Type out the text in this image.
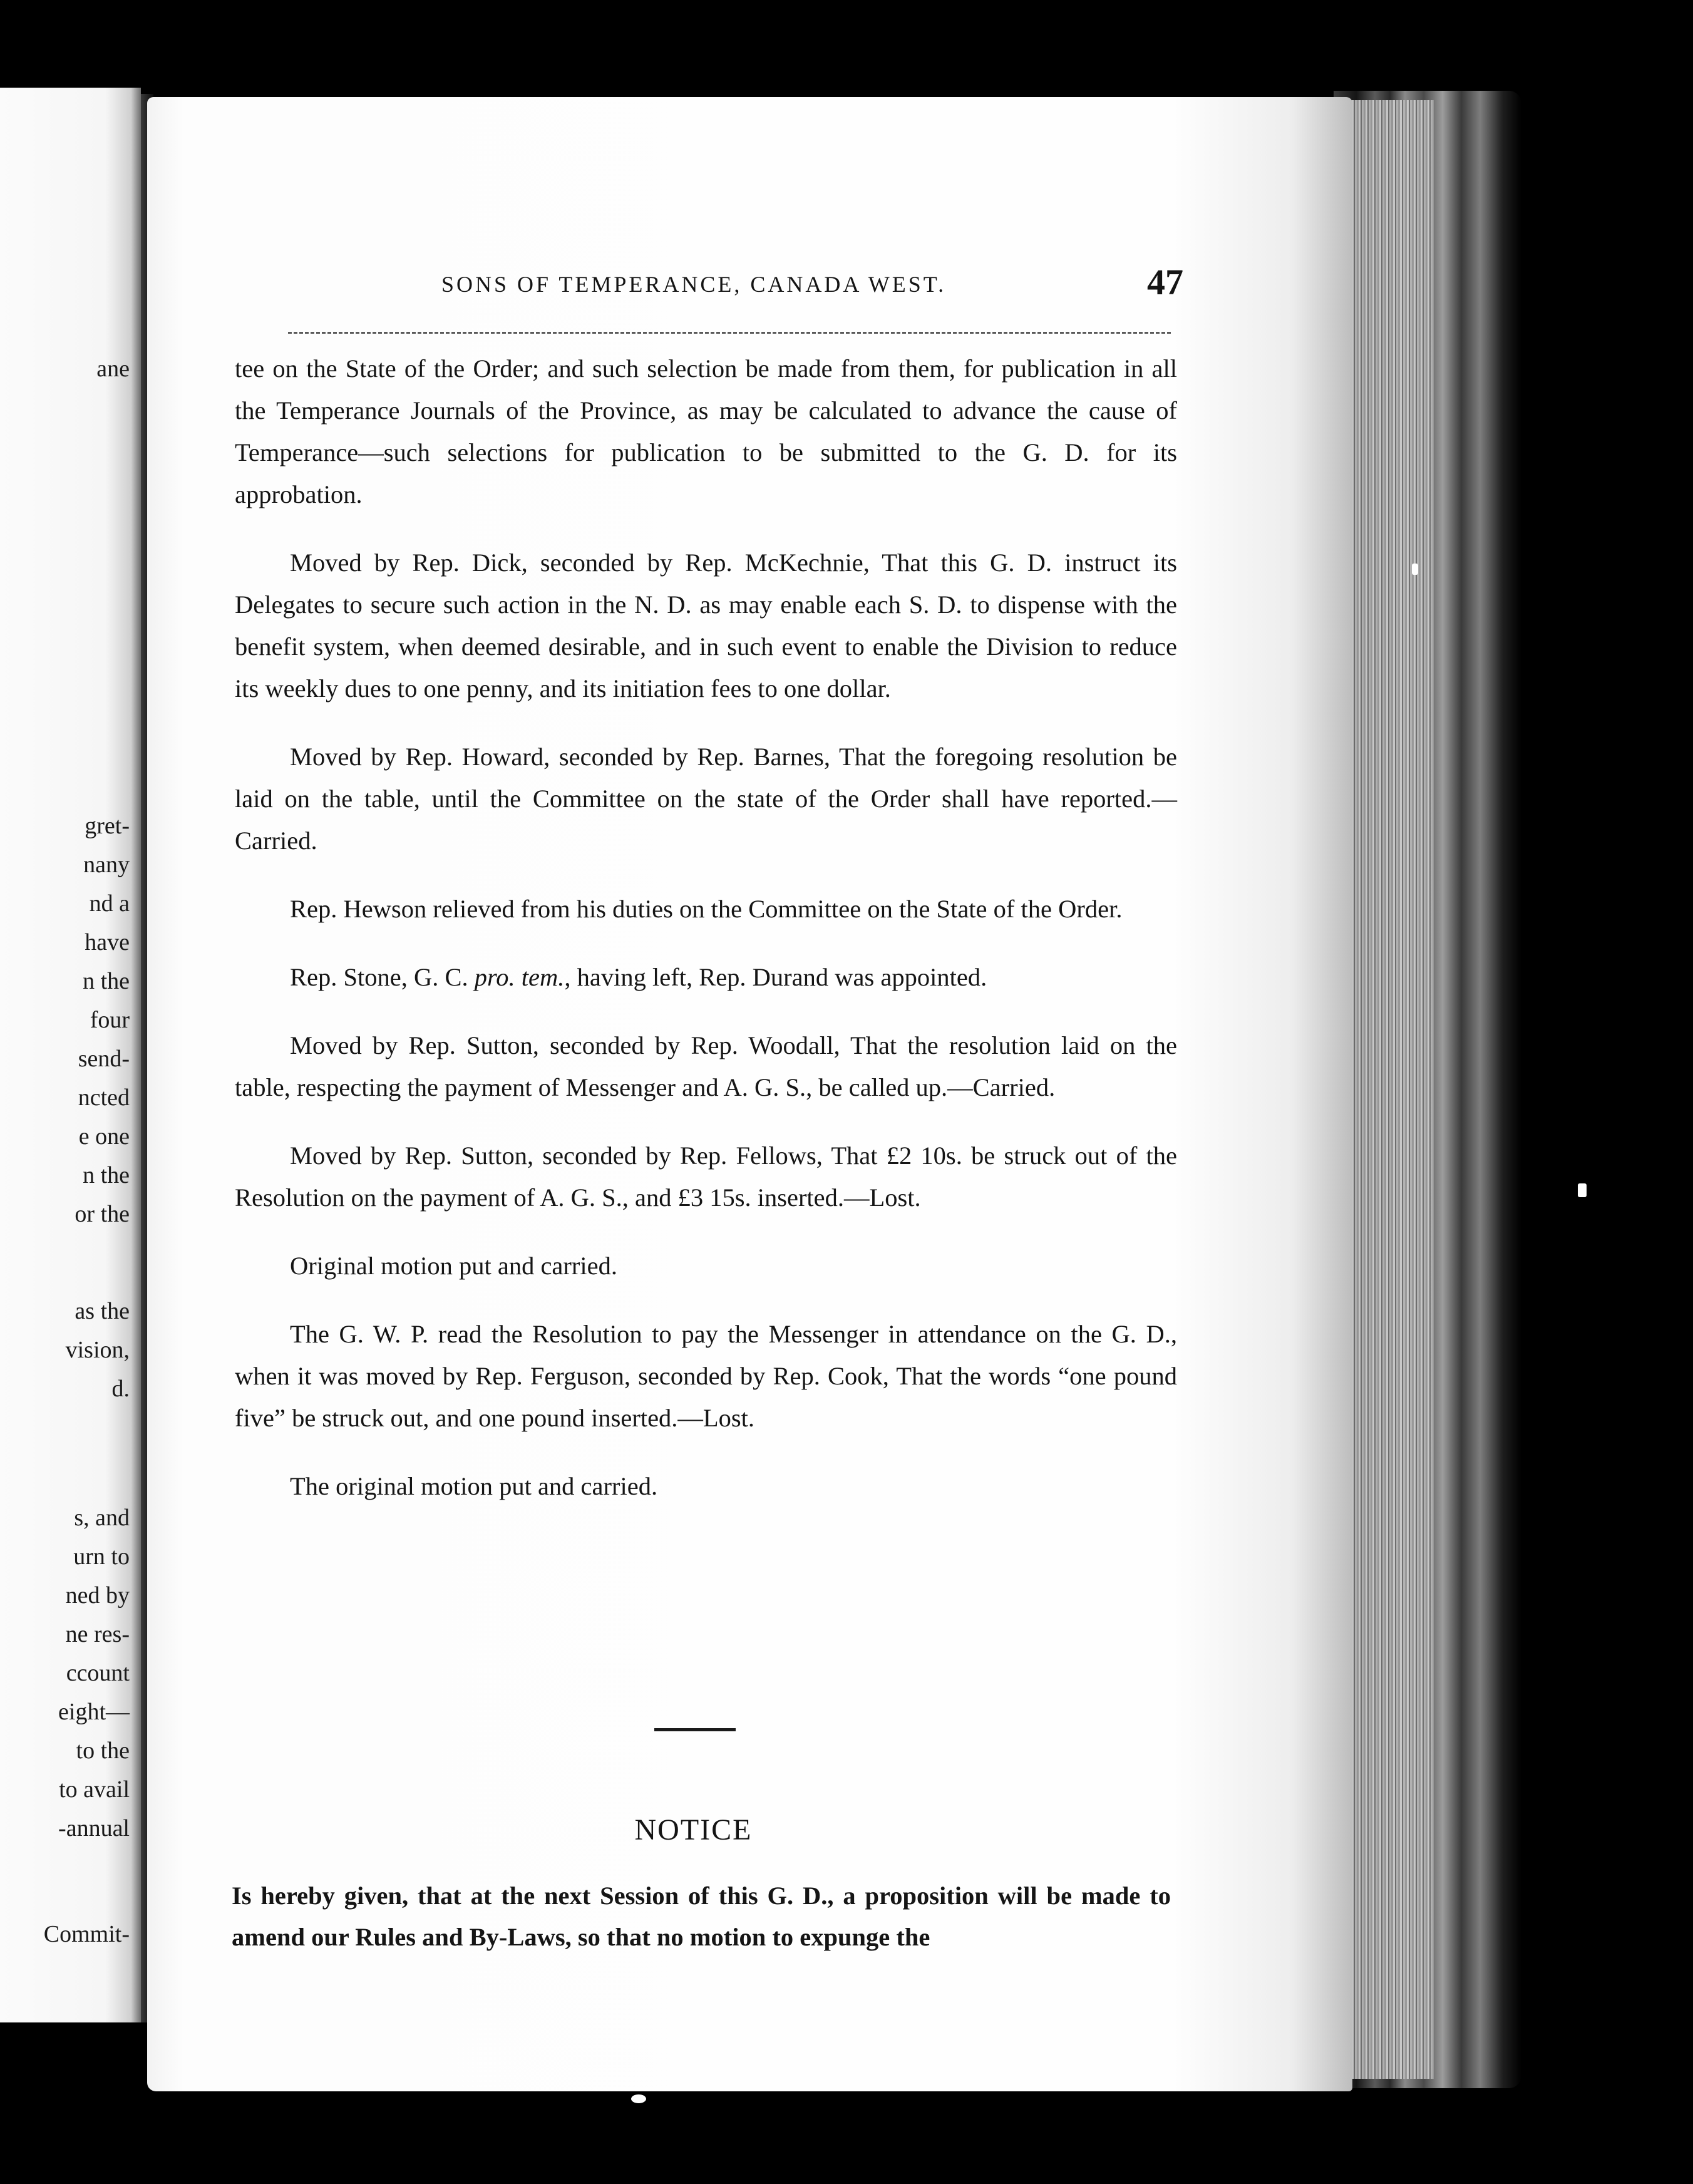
ane
gret-
nany
nd a
have
n the
four
send-
ncted
e one
n the
or the
as the
vision,
d.
s, and
urn to
ned by
ne res-
ccount
eight—
to the
to avail
-annual
Commit-
SONS OF TEMPERANCE, CANADA WEST.	47

tee on the State of the Order; and such selection be made from them, for publication in all the Temperance Journals of the Province, as may be calculated to advance the cause of Temperance—such selections for publication to be submitted to the G. D. for its approbation.

Moved by Rep. Dick, seconded by Rep. McKechnie, That this G. D. instruct its Delegates to secure such action in the N. D. as may enable each S. D. to dispense with the benefit system, when deemed desirable, and in such event to enable the Division to reduce its weekly dues to one penny, and its initiation fees to one dollar.

Moved by Rep. Howard, seconded by Rep. Barnes, That the foregoing resolution be laid on the table, until the Committee on the state of the Order shall have reported.—Carried.

Rep. Hewson relieved from his duties on the Committee on the State of the Order.

Rep. Stone, G. C. pro. tem., having left, Rep. Durand was appointed.

Moved by Rep. Sutton, seconded by Rep. Woodall, That the resolution laid on the table, respecting the payment of Messenger and A. G. S., be called up.—Carried.

Moved by Rep. Sutton, seconded by Rep. Fellows, That £2 10s. be struck out of the Resolution on the payment of A. G. S., and £3 15s. inserted.—Lost.

Original motion put and carried.

The G. W. P. read the Resolution to pay the Messenger in attendance on the G. D., when it was moved by Rep. Ferguson, seconded by Rep. Cook, That the words “one pound five” be struck out, and one pound inserted.—Lost.

The original motion put and carried.

NOTICE
Is hereby given, that at the next Session of this G. D., a proposition will be made to amend our Rules and By-Laws, so that no motion to expunge the
